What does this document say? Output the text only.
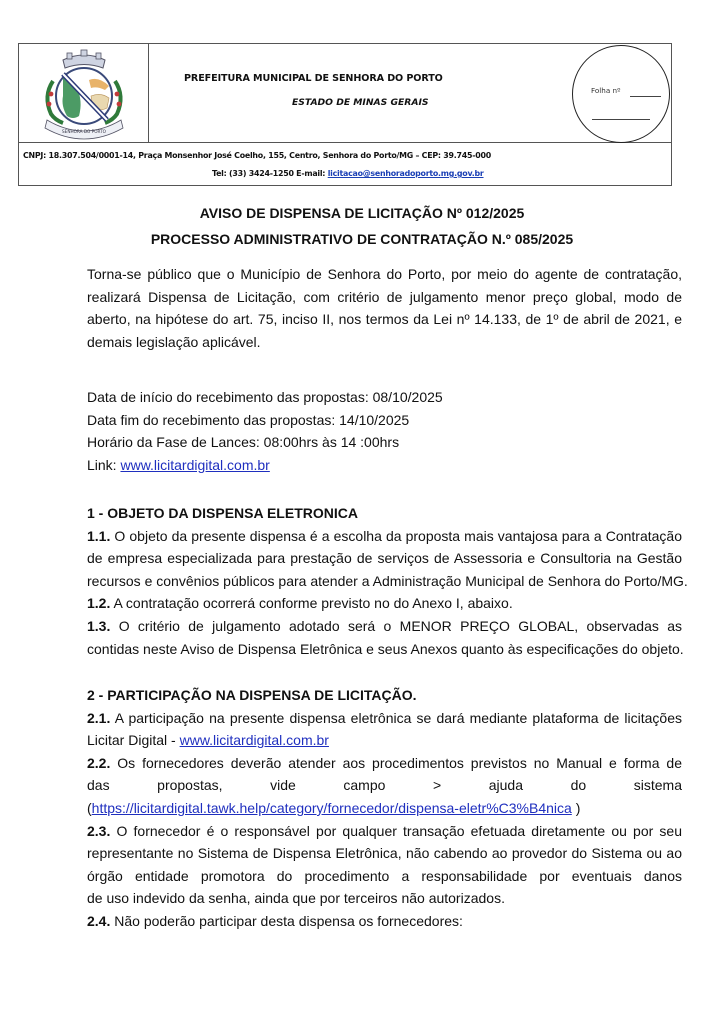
SENHORA DO PORTO
PREFEITURA MUNICIPAL DE SENHORA DO PORTO
ESTADO DE MINAS GERAIS
Folha nº
CNPJ: 18.307.504/0001-14, Praça Monsenhor José Coelho, 155, Centro, Senhora do Porto/MG – CEP: 39.745-000
Tel: (33) 3424-1250 E-mail: licitacao@senhoradoporto.mg.gov.br
AVISO DE DISPENSA DE LICITAÇÃO Nº 012/2025
PROCESSO ADMINISTRATIVO DE CONTRATAÇÃO N.º 085/2025
Torna-se público que o Município de Senhora do Porto, por meio do agente de contratação,
realizará Dispensa de Licitação, com critério de julgamento menor preço global, modo de
aberto, na hipótese do art. 75, inciso II, nos termos da Lei nº 14.133, de 1º de abril de 2021, e
demais legislação aplicável.
Data de início do recebimento das propostas: 08/10/2025
Data fim do recebimento das propostas: 14/10/2025
Horário da Fase de Lances: 08:00hrs às 14 :00hrs
Link: www.licitardigital.com.br
1 - OBJETO DA DISPENSA ELETRONICA
1.1. O objeto da presente dispensa é a escolha da proposta mais vantajosa para a Contratação
de empresa especializada para prestação de serviços de Assessoria e Consultoria na Gestão
recursos e convênios públicos para atender a Administração Municipal de Senhora do Porto/MG.
1.2. A contratação ocorrerá conforme previsto no do Anexo I, abaixo.
1.3. O critério de julgamento adotado será o MENOR PREÇO GLOBAL, observadas as
contidas neste Aviso de Dispensa Eletrônica e seus Anexos quanto às especificações do objeto.
2 - PARTICIPAÇÃO NA DISPENSA DE LICITAÇÃO.
2.1. A participação na presente dispensa eletrônica se dará mediante plataforma de licitações
Licitar Digital - www.licitardigital.com.br
2.2. Os fornecedores deverão atender aos procedimentos previstos no Manual e forma de
das propostas, vide campo > ajuda do sistema
(https://licitardigital.tawk.help/category/fornecedor/dispensa-eletr%C3%B4nica )
2.3. O fornecedor é o responsável por qualquer transação efetuada diretamente ou por seu
representante no Sistema de Dispensa Eletrônica, não cabendo ao provedor do Sistema ou ao
órgão entidade promotora do procedimento a responsabilidade por eventuais danos
de uso indevido da senha, ainda que por terceiros não autorizados.
2.4. Não poderão participar desta dispensa os fornecedores:
